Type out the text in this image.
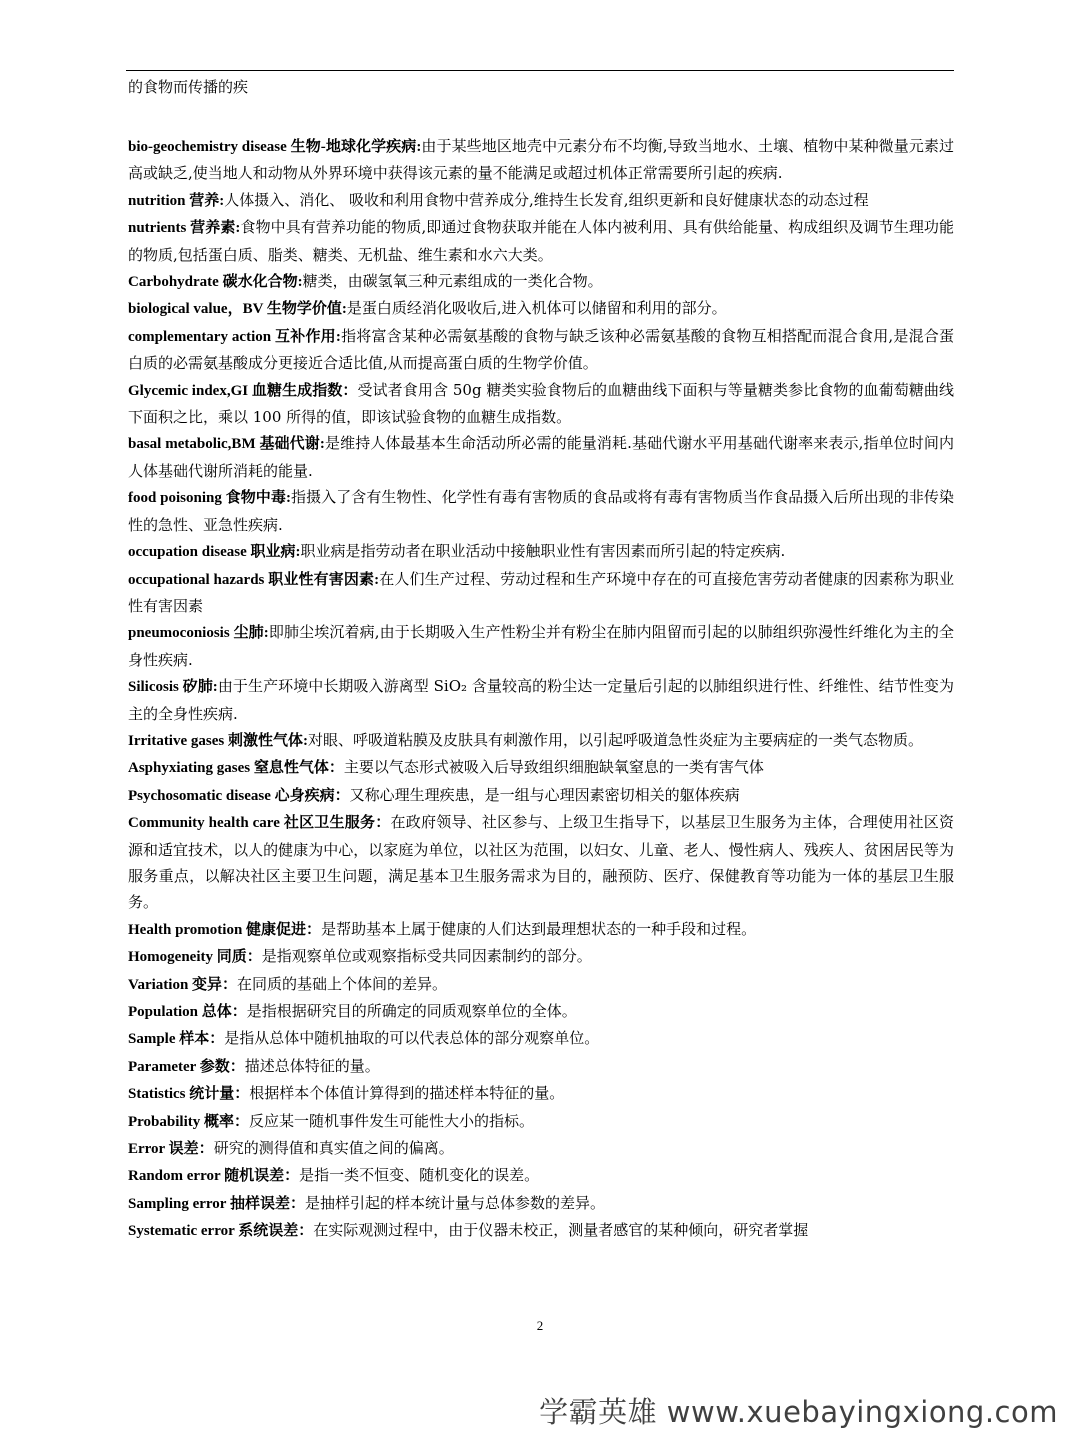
的食物而传播的疾

bio-geochemistry disease 生物-地球化学疾病:由于某些地区地壳中元素分布不均衡,导致当地水、土壤、植物中某种微量元素过高或缺乏,使当地人和动物从外界环境中获得该元素的量不能满足或超过机体正常需要所引起的疾病.

nutrition 营养:人体摄入、消化、 吸收和利用食物中营养成分,维持生长发育,组织更新和良好健康状态的动态过程

nutrients 营养素:食物中具有营养功能的物质,即通过食物获取并能在人体内被利用、具有供给能量、构成组织及调节生理功能的物质,包括蛋白质、脂类、糖类、无机盐、维生素和水六大类。

Carbohydrate 碳水化合物:糖类，由碳氢氧三种元素组成的一类化合物。

biological value，BV 生物学价值:是蛋白质经消化吸收后,进入机体可以储留和利用的部分。

complementary action 互补作用:指将富含某种必需氨基酸的食物与缺乏该种必需氨基酸的食物互相搭配而混合食用,是混合蛋白质的必需氨基酸成分更接近合适比值,从而提高蛋白质的生物学价值。

Glycemic index,GI 血糖生成指数：受试者食用含 50g 糖类实验食物后的血糖曲线下面积与等量糖类参比食物的血葡萄糖曲线下面积之比，乘以 100 所得的值，即该试验食物的血糖生成指数。

basal metabolic,BM 基础代谢:是维持人体最基本生命活动所必需的能量消耗.基础代谢水平用基础代谢率来表示,指单位时间内人体基础代谢所消耗的能量.

food poisoning 食物中毒:指摄入了含有生物性、化学性有毒有害物质的食品或将有毒有害物质当作食品摄入后所出现的非传染性的急性、亚急性疾病.

occupation disease 职业病:职业病是指劳动者在职业活动中接触职业性有害因素而所引起的特定疾病.

occupational hazards 职业性有害因素:在人们生产过程、劳动过程和生产环境中存在的可直接危害劳动者健康的因素称为职业性有害因素

pneumoconiosis 尘肺:即肺尘埃沉着病,由于长期吸入生产性粉尘并有粉尘在肺内阻留而引起的以肺组织弥漫性纤维化为主的全身性疾病.

Silicosis 矽肺:由于生产环境中长期吸入游离型 SiO₂ 含量较高的粉尘达一定量后引起的以肺组织进行性、纤维性、结节性变为主的全身性疾病.

Irritative gases 刺激性气体:对眼、呼吸道粘膜及皮肤具有刺激作用，以引起呼吸道急性炎症为主要病症的一类气态物质。

Asphyxiating gases 窒息性气体：主要以气态形式被吸入后导致组织细胞缺氧窒息的一类有害气体

Psychosomatic disease 心身疾病：又称心理生理疾患，是一组与心理因素密切相关的躯体疾病

Community health care 社区卫生服务：在政府领导、社区参与、上级卫生指导下，以基层卫生服务为主体，合理使用社区资源和适宜技术，以人的健康为中心，以家庭为单位，以社区为范围，以妇女、儿童、老人、慢性病人、残疾人、贫困居民等为服务重点，以解决社区主要卫生问题，满足基本卫生服务需求为目的，融预防、医疗、保健教育等功能为一体的基层卫生服务。

Health promotion 健康促进：是帮助基本上属于健康的人们达到最理想状态的一种手段和过程。

Homogeneity 同质：是指观察单位或观察指标受共同因素制约的部分。

Variation 变异：在同质的基础上个体间的差异。

Population 总体：是指根据研究目的所确定的同质观察单位的全体。

Sample 样本：是指从总体中随机抽取的可以代表总体的部分观察单位。

Parameter 参数：描述总体特征的量。

Statistics 统计量：根据样本个体值计算得到的描述样本特征的量。

Probability 概率：反应某一随机事件发生可能性大小的指标。

Error 误差：研究的测得值和真实值之间的偏离。

Random error 随机误差：是指一类不恒变、随机变化的误差。

Sampling error 抽样误差：是抽样引起的样本统计量与总体参数的差异。

Systematic error 系统误差：在实际观测过程中，由于仪器未校正，测量者感官的某种倾向，研究者掌握

2
学霸英雄 www.xuebayingxiong.com
